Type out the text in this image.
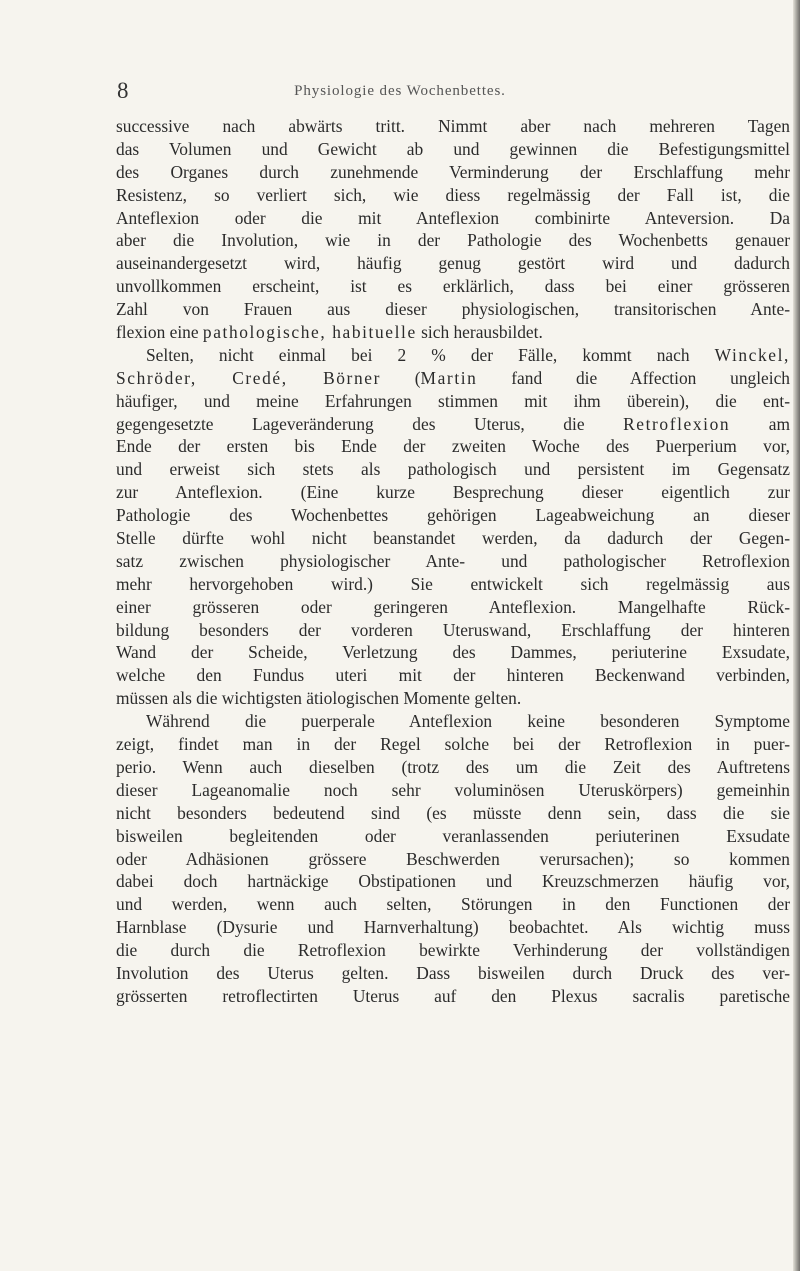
8	Physiologie des Wochenbettes.
successive nach abwärts tritt. Nimmt aber nach mehreren Tagen
das Volumen und Gewicht ab und gewinnen die Befestigungsmittel
des Organes durch zunehmende Verminderung der Erschlaffung mehr
Resistenz, so verliert sich, wie diess regelmässig der Fall ist, die
Anteflexion oder die mit Anteflexion combinirte Anteversion. Da
aber die Involution, wie in der Pathologie des Wochenbetts genauer
auseinandergesetzt wird, häufig genug gestört wird und dadurch
unvollkommen erscheint, ist es erklärlich, dass bei einer grösseren
Zahl von Frauen aus dieser physiologischen, transitorischen Ante-
flexion eine pathologische, habituelle sich herausbildet.
Selten, nicht einmal bei 2 % der Fälle, kommt nach Winckel,
Schröder, Credé, Börner (Martin fand die Affection ungleich
häufiger, und meine Erfahrungen stimmen mit ihm überein), die ent-
gegengesetzte Lageveränderung des Uterus, die Retroflexion am
Ende der ersten bis Ende der zweiten Woche des Puerperium vor,
und erweist sich stets als pathologisch und persistent im Gegensatz
zur Anteflexion. (Eine kurze Besprechung dieser eigentlich zur
Pathologie des Wochenbettes gehörigen Lageabweichung an dieser
Stelle dürfte wohl nicht beanstandet werden, da dadurch der Gegen-
satz zwischen physiologischer Ante- und pathologischer Retroflexion
mehr hervorgehoben wird.) Sie entwickelt sich regelmässig aus
einer grösseren oder geringeren Anteflexion. Mangelhafte Rück-
bildung besonders der vorderen Uteruswand, Erschlaffung der hinteren
Wand der Scheide, Verletzung des Dammes, periuterine Exsudate,
welche den Fundus uteri mit der hinteren Beckenwand verbinden,
müssen als die wichtigsten ätiologischen Momente gelten.
Während die puerperale Anteflexion keine besonderen Symptome
zeigt, findet man in der Regel solche bei der Retroflexion in puer-
perio. Wenn auch dieselben (trotz des um die Zeit des Auftretens
dieser Lageanomalie noch sehr voluminösen Uteruskörpers) gemeinhin
nicht besonders bedeutend sind (es müsste denn sein, dass die sie
bisweilen begleitenden oder veranlassenden periuterinen Exsudate
oder Adhäsionen grössere Beschwerden verursachen); so kommen
dabei doch hartnäckige Obstipationen und Kreuzschmerzen häufig vor,
und werden, wenn auch selten, Störungen in den Functionen der
Harnblase (Dysurie und Harnverhaltung) beobachtet. Als wichtig muss
die durch die Retroflexion bewirkte Verhinderung der vollständigen
Involution des Uterus gelten. Dass bisweilen durch Druck des ver-
grösserten retroflectirten Uterus auf den Plexus sacralis paretische
